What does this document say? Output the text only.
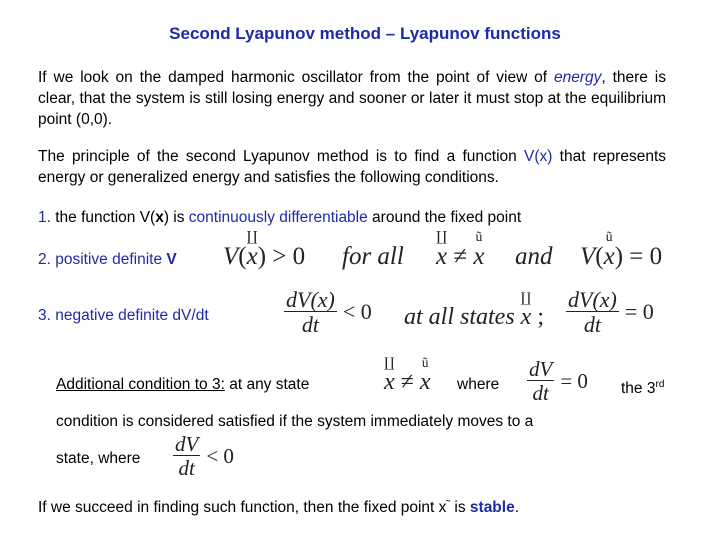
Second Lyapunov method – Lyapunov functions
If we look on the damped harmonic oscillator from the point of view of energy, there is clear, that the system is still losing energy and sooner or later it must stop at the equilibrium point (0,0).
The principle of the second Lyapunov method is to find a function V(x) that represents energy or generalized energy and satisfies the following conditions.
1. the function V(x) is continuously differentiable around the fixed point
2. positive definite V V(
∐
x) > 0 for all
∐
x ≠
ũ
x and V(
ũ
x) = 0
3. negative definite dV/dt	$\frac{dV(x)}{dt} < 0$ at all states
∐
x ; $\frac{dV(x)}{dt} = 0$
Additional condition to 3: at any state
∐
x ≠
ũ
x where $\frac{dV}{dt} = 0$ the 3rd
condition is considered satisfied if the system immediately moves to a
state, where $\frac{dV}{dt} < 0$
If we succeed in finding such function, then the fixed point x˜ is stable.
